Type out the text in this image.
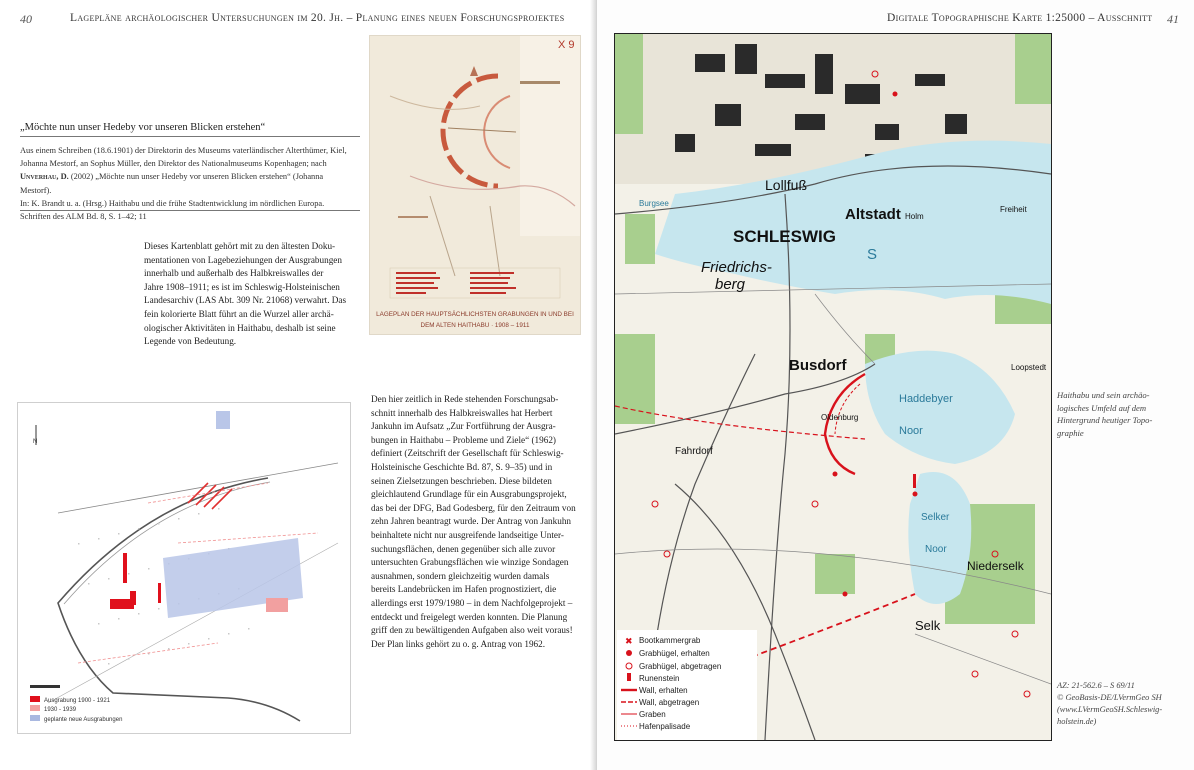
40	Lagepläne archäologischer Untersuchungen im 20. Jh. – Planung eines neuen Forschungsprojektes
„Möchte nun unser Hedeby vor unseren Blicken erstehen“
Aus einem Schreiben (18.6.1901) der Direktorin des Museums vaterländischer Alterthümer, Kiel,
Johanna Mestorf, an Sophus Müller, den Direktor des Nationalmuseums Kopenhagen; nach
Unverhau, D. (2002) „Möchte nun unser Hedeby vor unseren Blicken erstehen“ (Johanna Mestorf).
In: K. Brandt u. a. (Hrsg.) Haithabu und die frühe Stadtentwicklung im nördlichen Europa.
Schriften des ALM Bd. 8, S. 1–42; 11
Dieses Kartenblatt gehört mit zu den ältesten Doku-
mentationen von Lagebeziehungen der Ausgrabungen
innerhalb und außerhalb des Halbkreiswalles der
Jahre 1908–1911; es ist im Schleswig-Holsteinischen
Landesarchiv (LAS Abt. 309 Nr. 21068) verwahrt. Das
fein kolorierte Blatt führt an die Wurzel aller archä-
ologischer Aktivitäten in Haithabu, deshalb ist seine
Legende von Bedeutung.
X 9
LAGEPLAN DER HAUPTSÄCHLICHSTEN GRABUNGEN IN UND BEI
DEM ALTEN HAITHABU · 1908 – 1911
N
Ausgrabung 1900 - 1921
1930 - 1939
geplante neue Ausgrabungen
Den hier zeitlich in Rede stehenden Forschungsab-
schnitt innerhalb des Halbkreiswalles hat Herbert
Jankuhn im Aufsatz „Zur Fortführung der Ausgra-
bungen in Haithabu – Probleme und Ziele“ (1962)
definiert (Zeitschrift der Gesellschaft für Schleswig-
Holsteinische Geschichte Bd. 87, S. 9–35) und in
seinen Zielsetzungen beschrieben. Diese bildeten
gleichlautend Grundlage für ein Ausgrabungsprojekt,
das bei der DFG, Bad Godesberg, für den Zeitraum von
zehn Jahren beantragt wurde. Der Antrag von Jankuhn
beinhaltete nicht nur ausgreifende landseitige Unter-
suchungsflächen, denen gegenüber sich alle zuvor
untersuchten Grabungsflächen wie winzige Sondagen
ausnahmen, sondern gleichzeitig wurden damals
bereits Landebrücken im Hafen prognostiziert, die
allerdings erst 1979/1980 – in dem Nachfolgeprojekt –
entdeckt und freigelegt werden konnten. Die Planung
griff den zu bewältigenden Aufgaben also weit voraus!
Der Plan links gehört zu o. g. Antrag von 1962.
Digitale Topographische Karte 1:25000 – Ausschnitt 41
SCHLESWIG
Altstadt
Lollfuß
Holm
Friedrichs-
berg
Busdorf
Haddebyer
Noor
Selker
Noor
Selk
Niederselk
Fahrdorf
S
Loopstedt
Oldenburg
Freiheit
Burgsee
✖ Bootkammergrab
Grabhügel, erhalten
Grabhügel, abgetragen
Runenstein
Wall, erhalten
Wall, abgetragen
Graben
Hafenpalisade
Haithabu und sein archäo-
logisches Umfeld auf dem
Hintergrund heutiger Topo-
graphie
AZ: 21-562.6 – S 69/11
© GeoBasis-DE/LVermGeo SH
(www.LVermGeoSH.Schleswig-
holstein.de)
